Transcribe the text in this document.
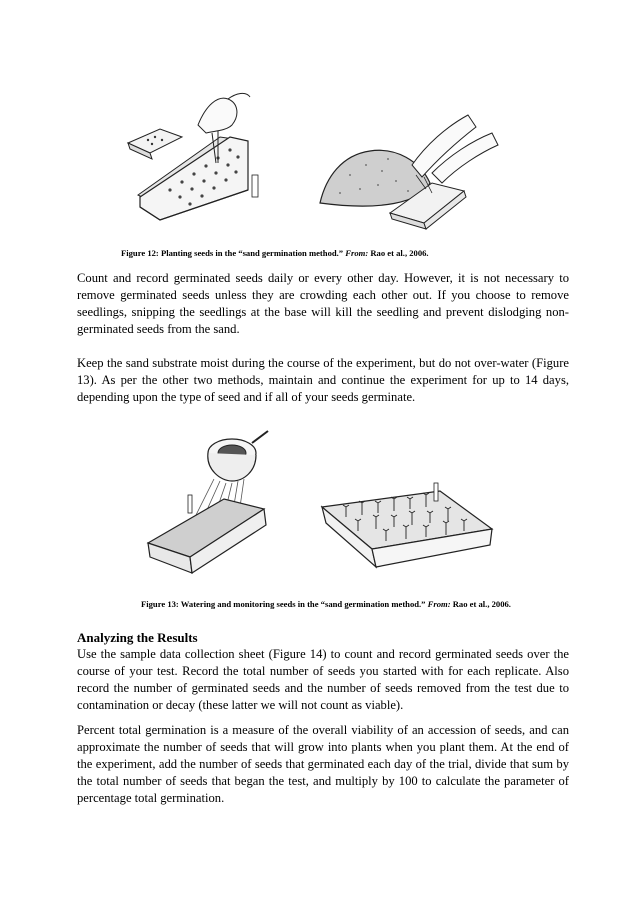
Figure 12: Planting seeds in the “sand germination method.” From: Rao et al., 2006.

Count and record germinated seeds daily or every other day. However, it is not necessary to remove germinated seeds unless they are crowding each other out. If you choose to remove seedlings, snipping the seedlings at the base will kill the seedling and prevent dislodging non-germinated seeds from the sand.

Keep the sand substrate moist during the course of the experiment, but do not over-water (Figure 13). As per the other two methods, maintain and continue the experiment for up to 14 days, depending upon the type of seed and if all of your seeds germinate.

Figure 13: Watering and monitoring seeds in the “sand germination method.” From: Rao et al., 2006.
Analyzing the Results

Use the sample data collection sheet (Figure 14) to count and record germinated seeds over the course of your test. Record the total number of seeds you started with for each replicate. Also record the number of germinated seeds and the number of seeds removed from the test due to contamination or decay (these latter we will not count as viable).

Percent total germination is a measure of the overall viability of an accession of seeds, and can approximate the number of seeds that will grow into plants when you plant them. At the end of the experiment, add the number of seeds that germinated each day of the trial, divide that sum by the total number of seeds that began the test, and multiply by 100 to calculate the parameter of percentage total germination.
